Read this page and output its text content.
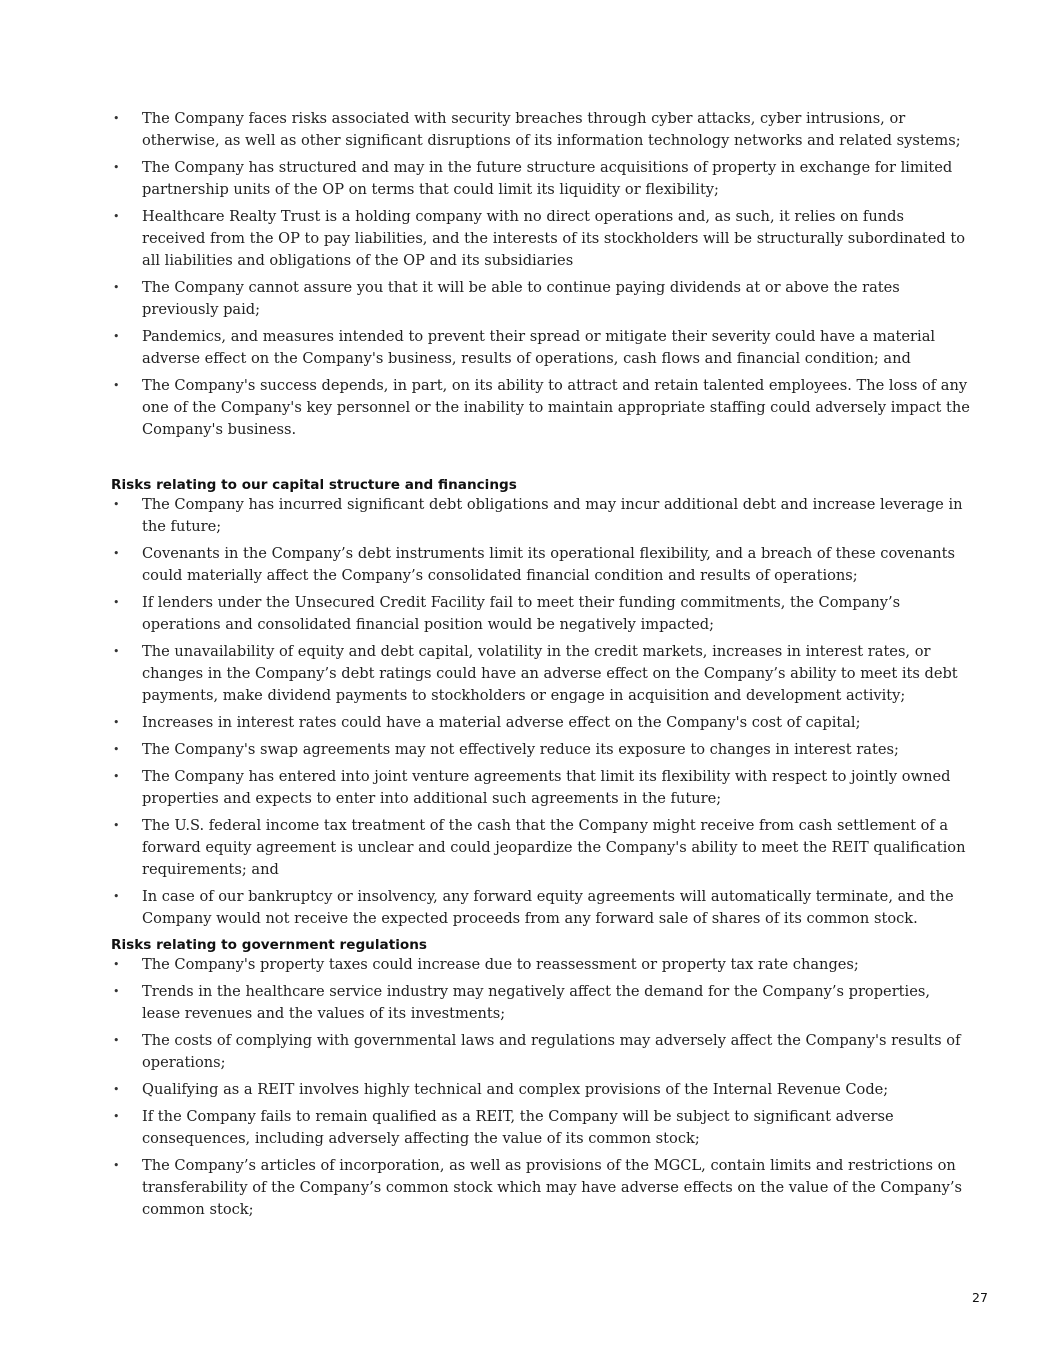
• The Company faces risks associated with security breaches through cyber attacks, cyber intrusions, or otherwise, as well as other significant disruptions of its information technology networks and related systems;
• The Company has structured and may in the future structure acquisitions of property in exchange for limited partnership units of the OP on terms that could limit its liquidity or flexibility;
• Healthcare Realty Trust is a holding company with no direct operations and, as such, it relies on funds received from the OP to pay liabilities, and the interests of its stockholders will be structurally subordinated to all liabilities and obligations of the OP and its subsidiaries
• The Company cannot assure you that it will be able to continue paying dividends at or above the rates previously paid;
• Pandemics, and measures intended to prevent their spread or mitigate their severity could have a material adverse effect on the Company's business, results of operations, cash flows and financial condition; and
• The Company's success depends, in part, on its ability to attract and retain talented employees. The loss of any one of the Company's key personnel or the inability to maintain appropriate staffing could adversely impact the Company's business.
Risks relating to our capital structure and financings
• The Company has incurred significant debt obligations and may incur additional debt and increase leverage in the future;
• Covenants in the Company’s debt instruments limit its operational flexibility, and a breach of these covenants could materially affect the Company’s consolidated financial condition and results of operations;
• If lenders under the Unsecured Credit Facility fail to meet their funding commitments, the Company’s operations and consolidated financial position would be negatively impacted;
• The unavailability of equity and debt capital, volatility in the credit markets, increases in interest rates, or changes in the Company’s debt ratings could have an adverse effect on the Company’s ability to meet its debt payments, make dividend payments to stockholders or engage in acquisition and development activity;
• Increases in interest rates could have a material adverse effect on the Company's cost of capital;
• The Company's swap agreements may not effectively reduce its exposure to changes in interest rates;
• The Company has entered into joint venture agreements that limit its flexibility with respect to jointly owned properties and expects to enter into additional such agreements in the future;
• The U.S. federal income tax treatment of the cash that the Company might receive from cash settlement of a forward equity agreement is unclear and could jeopardize the Company's ability to meet the REIT qualification requirements; and
• In case of our bankruptcy or insolvency, any forward equity agreements will automatically terminate, and the Company would not receive the expected proceeds from any forward sale of shares of its common stock.
Risks relating to government regulations
• The Company's property taxes could increase due to reassessment or property tax rate changes;
• Trends in the healthcare service industry may negatively affect the demand for the Company’s properties, lease revenues and the values of its investments;
• The costs of complying with governmental laws and regulations may adversely affect the Company's results of operations;
• Qualifying as a REIT involves highly technical and complex provisions of the Internal Revenue Code;
• If the Company fails to remain qualified as a REIT, the Company will be subject to significant adverse consequences, including adversely affecting the value of its common stock;
• The Company’s articles of incorporation, as well as provisions of the MGCL, contain limits and restrictions on transferability of the Company’s common stock which may have adverse effects on the value of the Company’s common stock;
27
